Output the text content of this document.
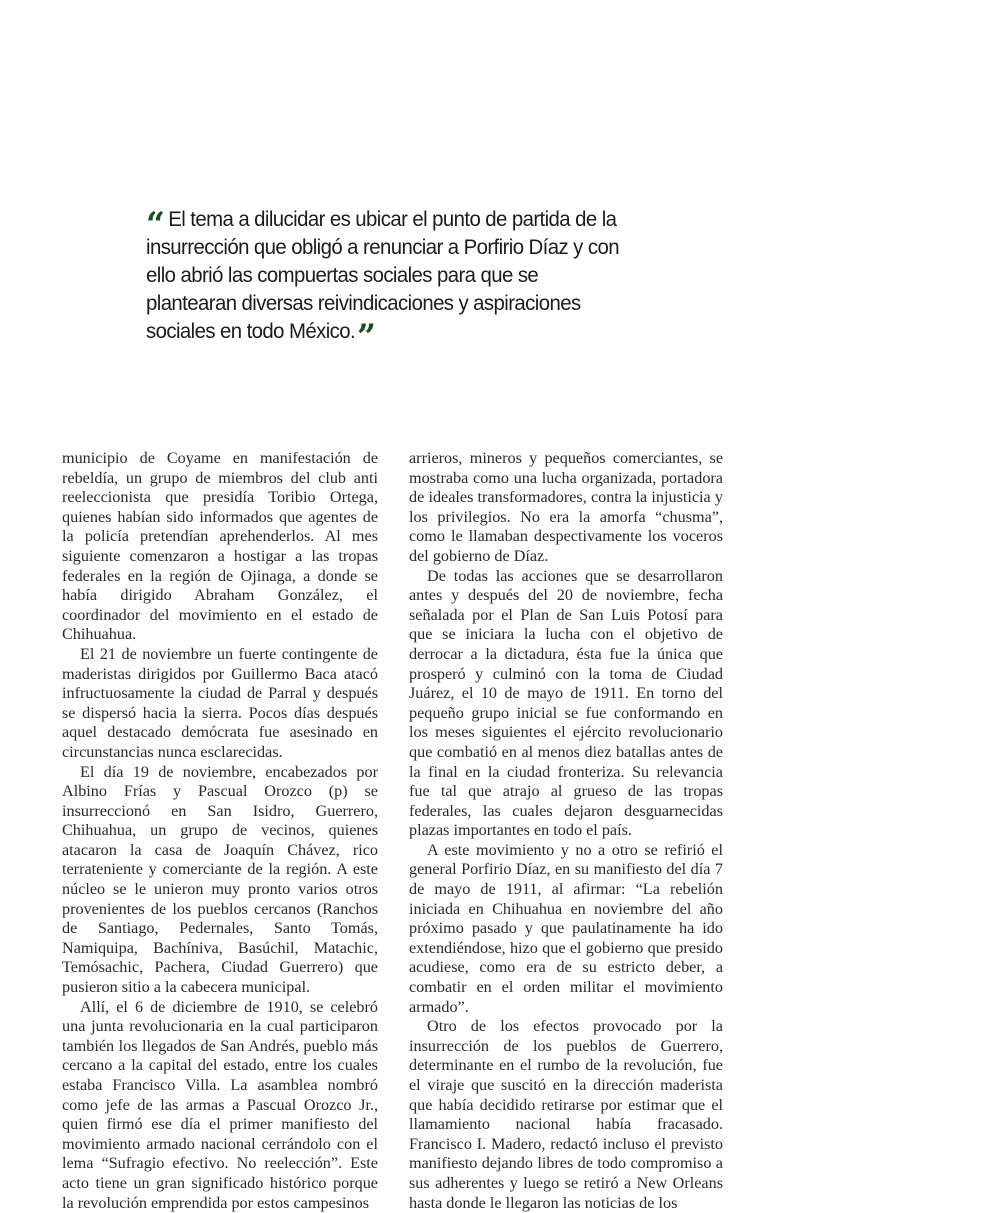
“ El tema a dilucidar es ubicar el punto de partida de la insurrección que obligó a renunciar a Porfirio Díaz y con ello abrió las compuertas sociales para que se plantearan diversas reivindicaciones y aspiraciones sociales en todo México.”

municipio de Coyame en manifestación de rebeldía, un grupo de miembros del club anti reeleccionista que presidía Toribio Ortega, quienes habían sido informados que agentes de la policía pretendían aprehenderlos. Al mes siguiente comenzaron a hostigar a las tropas federales en la región de Ojinaga, a donde se había dirigido Abraham González, el coordinador del movimiento en el estado de Chihuahua.

El 21 de noviembre un fuerte contingente de maderistas dirigidos por Guillermo Baca atacó infructuosamente la ciudad de Parral y después se dispersó hacia la sierra. Pocos días después aquel destacado demócrata fue asesinado en circunstancias nunca esclarecidas.

El día 19 de noviembre, encabezados por Albino Frías y Pascual Orozco (p) se insurreccionó en San Isidro, Guerrero, Chihuahua, un grupo de vecinos, quienes atacaron la casa de Joaquín Chávez, rico terrateniente y comerciante de la región. A este núcleo se le unieron muy pronto varios otros provenientes de los pueblos cercanos (Ranchos de Santiago, Pedernales, Santo Tomás, Namiquipa, Bachíniva, Basúchil, Matachic, Temósachic, Pachera, Ciudad Guerrero) que pusieron sitio a la cabecera municipal.

Allí, el 6 de diciembre de 1910, se celebró una junta revolucionaria en la cual participaron también los llegados de San Andrés, pueblo más cercano a la capital del estado, entre los cuales estaba Francisco Villa. La asamblea nombró como jefe de las armas a Pascual Orozco Jr., quien firmó ese día el primer manifiesto del movimiento armado nacional cerrándolo con el lema “Sufragio efectivo. No reelección”. Este acto tiene un gran significado histórico porque la revolución emprendida por estos campesinos

arrieros, mineros y pequeños comerciantes, se mostraba como una lucha organizada, portadora de ideales transformadores, contra la injusticia y los privilegios. No era la amorfa “chusma”, como le llamaban despectivamente los voceros del gobierno de Díaz.

De todas las acciones que se desarrollaron antes y después del 20 de noviembre, fecha señalada por el Plan de San Luis Potosí para que se iniciara la lucha con el objetivo de derrocar a la dictadura, ésta fue la única que prosperó y culminó con la toma de Ciudad Juárez, el 10 de mayo de 1911. En torno del pequeño grupo inicial se fue conformando en los meses siguientes el ejército revolucionario que combatió en al menos diez batallas antes de la final en la ciudad fronteriza. Su relevancia fue tal que atrajo al grueso de las tropas federales, las cuales dejaron desguarnecidas plazas importantes en todo el país.

A este movimiento y no a otro se refirió el general Porfirio Díaz, en su manifiesto del día 7 de mayo de 1911, al afirmar: “La rebelión iniciada en Chihuahua en noviembre del año próximo pasado y que paulatinamente ha ido extendiéndose, hizo que el gobierno que presido acudiese, como era de su estricto deber, a combatir en el orden militar el movimiento armado”.

Otro de los efectos provocado por la insurrección de los pueblos de Guerrero, determinante en el rumbo de la revolución, fue el viraje que suscitó en la dirección maderista que había decidido retirarse por estimar que el llamamiento nacional había fracasado. Francisco I. Madero, redactó incluso el previsto manifiesto dejando libres de todo compromiso a sus adherentes y luego se retiró a New Orleans hasta donde le llegaron las noticias de los
